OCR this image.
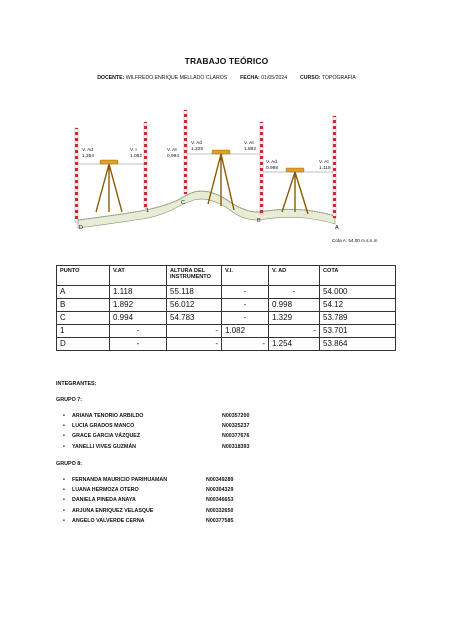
TRABAJO TEÓRICO
DOCENTE: WILFREDO ENRIQUE MELLADO CLAROS FECHA: 01/05/2024 CURSO: TOPOGRAFÍA
V. Ad
1.254
V. I
1.082
V. At
0.994
V. Ad
1.329
V. At
1.892
V. Ad
0.998
V. At
1.118
D
1
C
B
A
Cota A: 54.00 m.s.n.m
PUNTO	V.AT	ALTURA DEL INSTRUMENTO	V.I.	V. AD	COTA
A	1.118	55.118	-	-	54.000
B	1.892	56.012	-	0.998	54.12
C	0.994	54.783	-	1.329	53.789
1	-	-	1.082	-	53.701
D	-	-	-	1.254	53.864
INTEGRANTES:
GRUPO 7:
• ARIANA TENORIO ARBILDO	N00357200
• LUCIA GRADOS MANCO	N00325237
• GRACE GARCIA VÁZQUEZ	N00377676
• YANELLI VIVES GUZMÁN	N00318393
GRUPO 8:
• FERNANDA MAURICIO PARIHUAMAN	N00349289
• LUANA HERMOZA OTERO	N00304329
• DANIELA PINEDA ANAYA	N00346653
• ARJUNA ENRIQUEZ VELASQUE	N00332650
• ANGELO VALVERDE CERNA	N00377585
